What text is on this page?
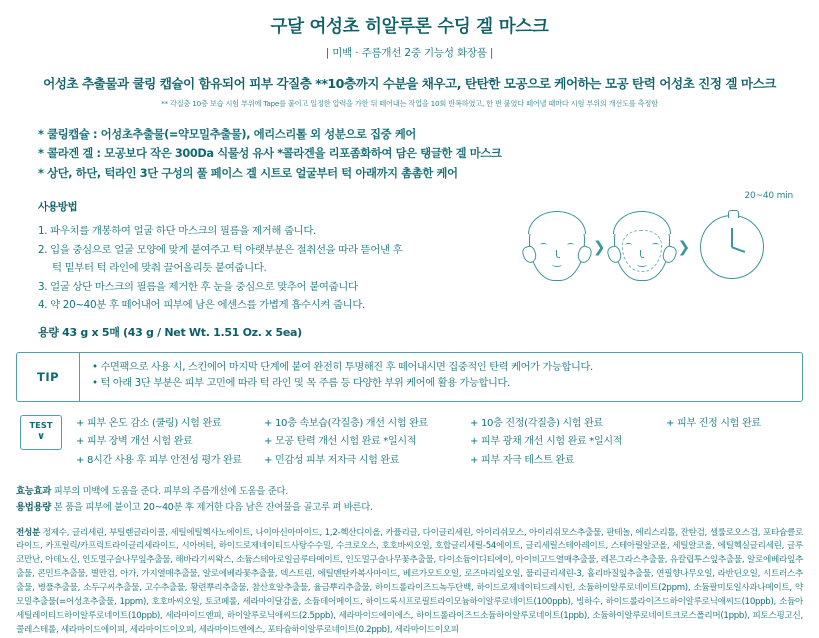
구달 여성초 히알루론 수딩 겔 마스크
| 미백 · 주름개선 2중 기능성 화장품 |
어성초 추출물과 쿨링 캡슐이 함유되어 피부 각질층 **10층까지 수분을 채우고, 탄탄한 모공으로 케어하는 모공 탄력 어성초 진정 겔 마스크
** 각질층 10층 보습 시험 부위에 Tape를 붙이고 일정한 압력을 가한 뒤 떼어내는 작업을 10회 반복하였고, 한 번 붙였다 떼어낼 때마다 시험 부위의 개선도를 측정함
* 쿨링캡슐 : 어성초추출물(=약모밀추출물), 에리스리톨 외 성분으로 집중 케어
* 콜라겐 겔 : 모공보다 작은 300Da 식물성 유사 *콜라겐을 리포좀화하여 담은 탱글한 겔 마스크
* 상단, 하단, 턱라인 3단 구성의 풀 페이스 겔 시트로 얼굴부터 턱 아래까지 촘촘한 케어
사용방법
1. 파우치를 개봉하여 얼굴 하단 마스크의 필름을 제거해 줍니다.
2. 입을 중심으로 얼굴 모양에 맞게 붙여주고 턱 아랫부분은 절취선을 따라 뜯어낸 후
턱 밑부터 턱 라인에 맞춰 끌어올리듯 붙여줍니다.
3. 얼굴 상단 마스크의 필름을 제거한 후 눈을 중심으로 맞추어 붙여줍니다
4. 약 20~40분 후 떼어내어 피부에 남은 에센스를 가볍게 흡수시켜 줍니다.
용량 43 g x 5매 (43 g / Net Wt. 1.51 Oz. x 5ea)
20~40 min
❯	❯
TIP
• 수면팩으로 사용 시, 스킨에어 마지막 단계에 붙여 완전히 투명해진 후 떼어내시면 집중적인 탄력 케어가 가능합니다.
• 턱 아래 3단 부분은 피부 고민에 따라 턱 라인 및 목 주름 등 다양한 부위 케어에 활용 가능합니다.
TEST
∨
+ 피부 온도 감소 (쿨링) 시험 완료
+ 피부 장벽 개선 시험 완료
+ 8시간 사용 후 피부 안전성 평가 완료
+ 10층 속보습(각질층) 개선 시험 완료
+ 모공 탄력 개선 시험 완료 *일시적
+ 민감성 피부 저자극 시험 완료
+ 10층 진정(각질층) 시험 완료
+ 피부 광채 개선 시험 완료 *일시적
+ 피부 자극 테스트 완료
+ 피부 진정 시험 완료
효능효과 피부의 미백에 도움을 준다. 피부의 주름개선에 도움을 준다.
용법용량 본 품을 피부에 붙이고 20~40분 후 제거한 다음 남은 잔여물을 골고루 펴 바른다.
전성분 정제수, 글리세린, 부틸렌글라이콜, 세틸에틸헥사노에이트, 나이아신아마이드, 1,2-헥산디이올, 카퓰리글, 다이글리세린, 아이리쉬모스, 아이리쉬모스추출물, 판테놀, 에리스리톨, 잔탄검, 셀룰로오스검, 포타슘클로라이드, 카프릴릭/카프릭트라이글리세라이드, 시아버터, 하이드로제네이티드사탕수수밀, 수크로오스, 호호바씨오일, 호합글리세릴-54에이트, 글리세릴스테아레이트, 스테아릴알코올, 세틸알코올, 에틸헥실글리세린, 글루코만난, 아데노신, 인도멀구슬나무잎추출물, 해바라기씨왁스, 소듐스테아로일글루타메이트, 인도멀구슬나무꽃추출물, 다이소듐이디티에이, 아이비고드열매추출물, 레몬그라스추출물, 유칼립투스잎추출물, 알로에베라잎추출물, 콘민트추출물, 별만검, 아가, 가지열매추출물, 알로에베라꽃추출물, 덱스트린, 에틸멘탄카복사마이드, 베르가모트오일, 로즈마리잎오일, 물리글리세린-3, 홀리바질잎추출물, 연필향나무오일, 라반딘오일, 시트러스추출물, 병풀추출물, 소두구씨추출물, 고수추출물, 황련뿌리추출물, 참산호알추출물, 율금뿌리추출물, 하이드롤라이즈드녹두단백, 하이드로제네이티드레시틴, 소듐하이알루로네이트(2ppm), 소듐팔미토일사과나메이트, 약모밀추출물(=어성초추출물, 1ppm), 호호바씨오일, 토코페롤, 세라마이달감올, 소듐데어메이드, 하이드록시프로필트라이모늄하이알루로네이트(100ppb), 빙하수, 하이드롤라이즈드하이알루로닉애씨드(10ppb), 소듐아세틸레이티드하이알루로네이트(10ppb), 세라마이드엔피, 하이알루로닉애씨드(2.5ppb), 세라마이드에이에스, 하이드롤라이즈드소듐하이알루로네이트(1ppb), 소듐하이알루로네이트크로스폴리머(1ppb), 피토스핑고신, 콜레스테롤, 세라마이드에이피, 세라마이드이오피, 세라마이드엔에스, 포타슘하이알루로네이트(0.2ppb), 세라마이드이오피
